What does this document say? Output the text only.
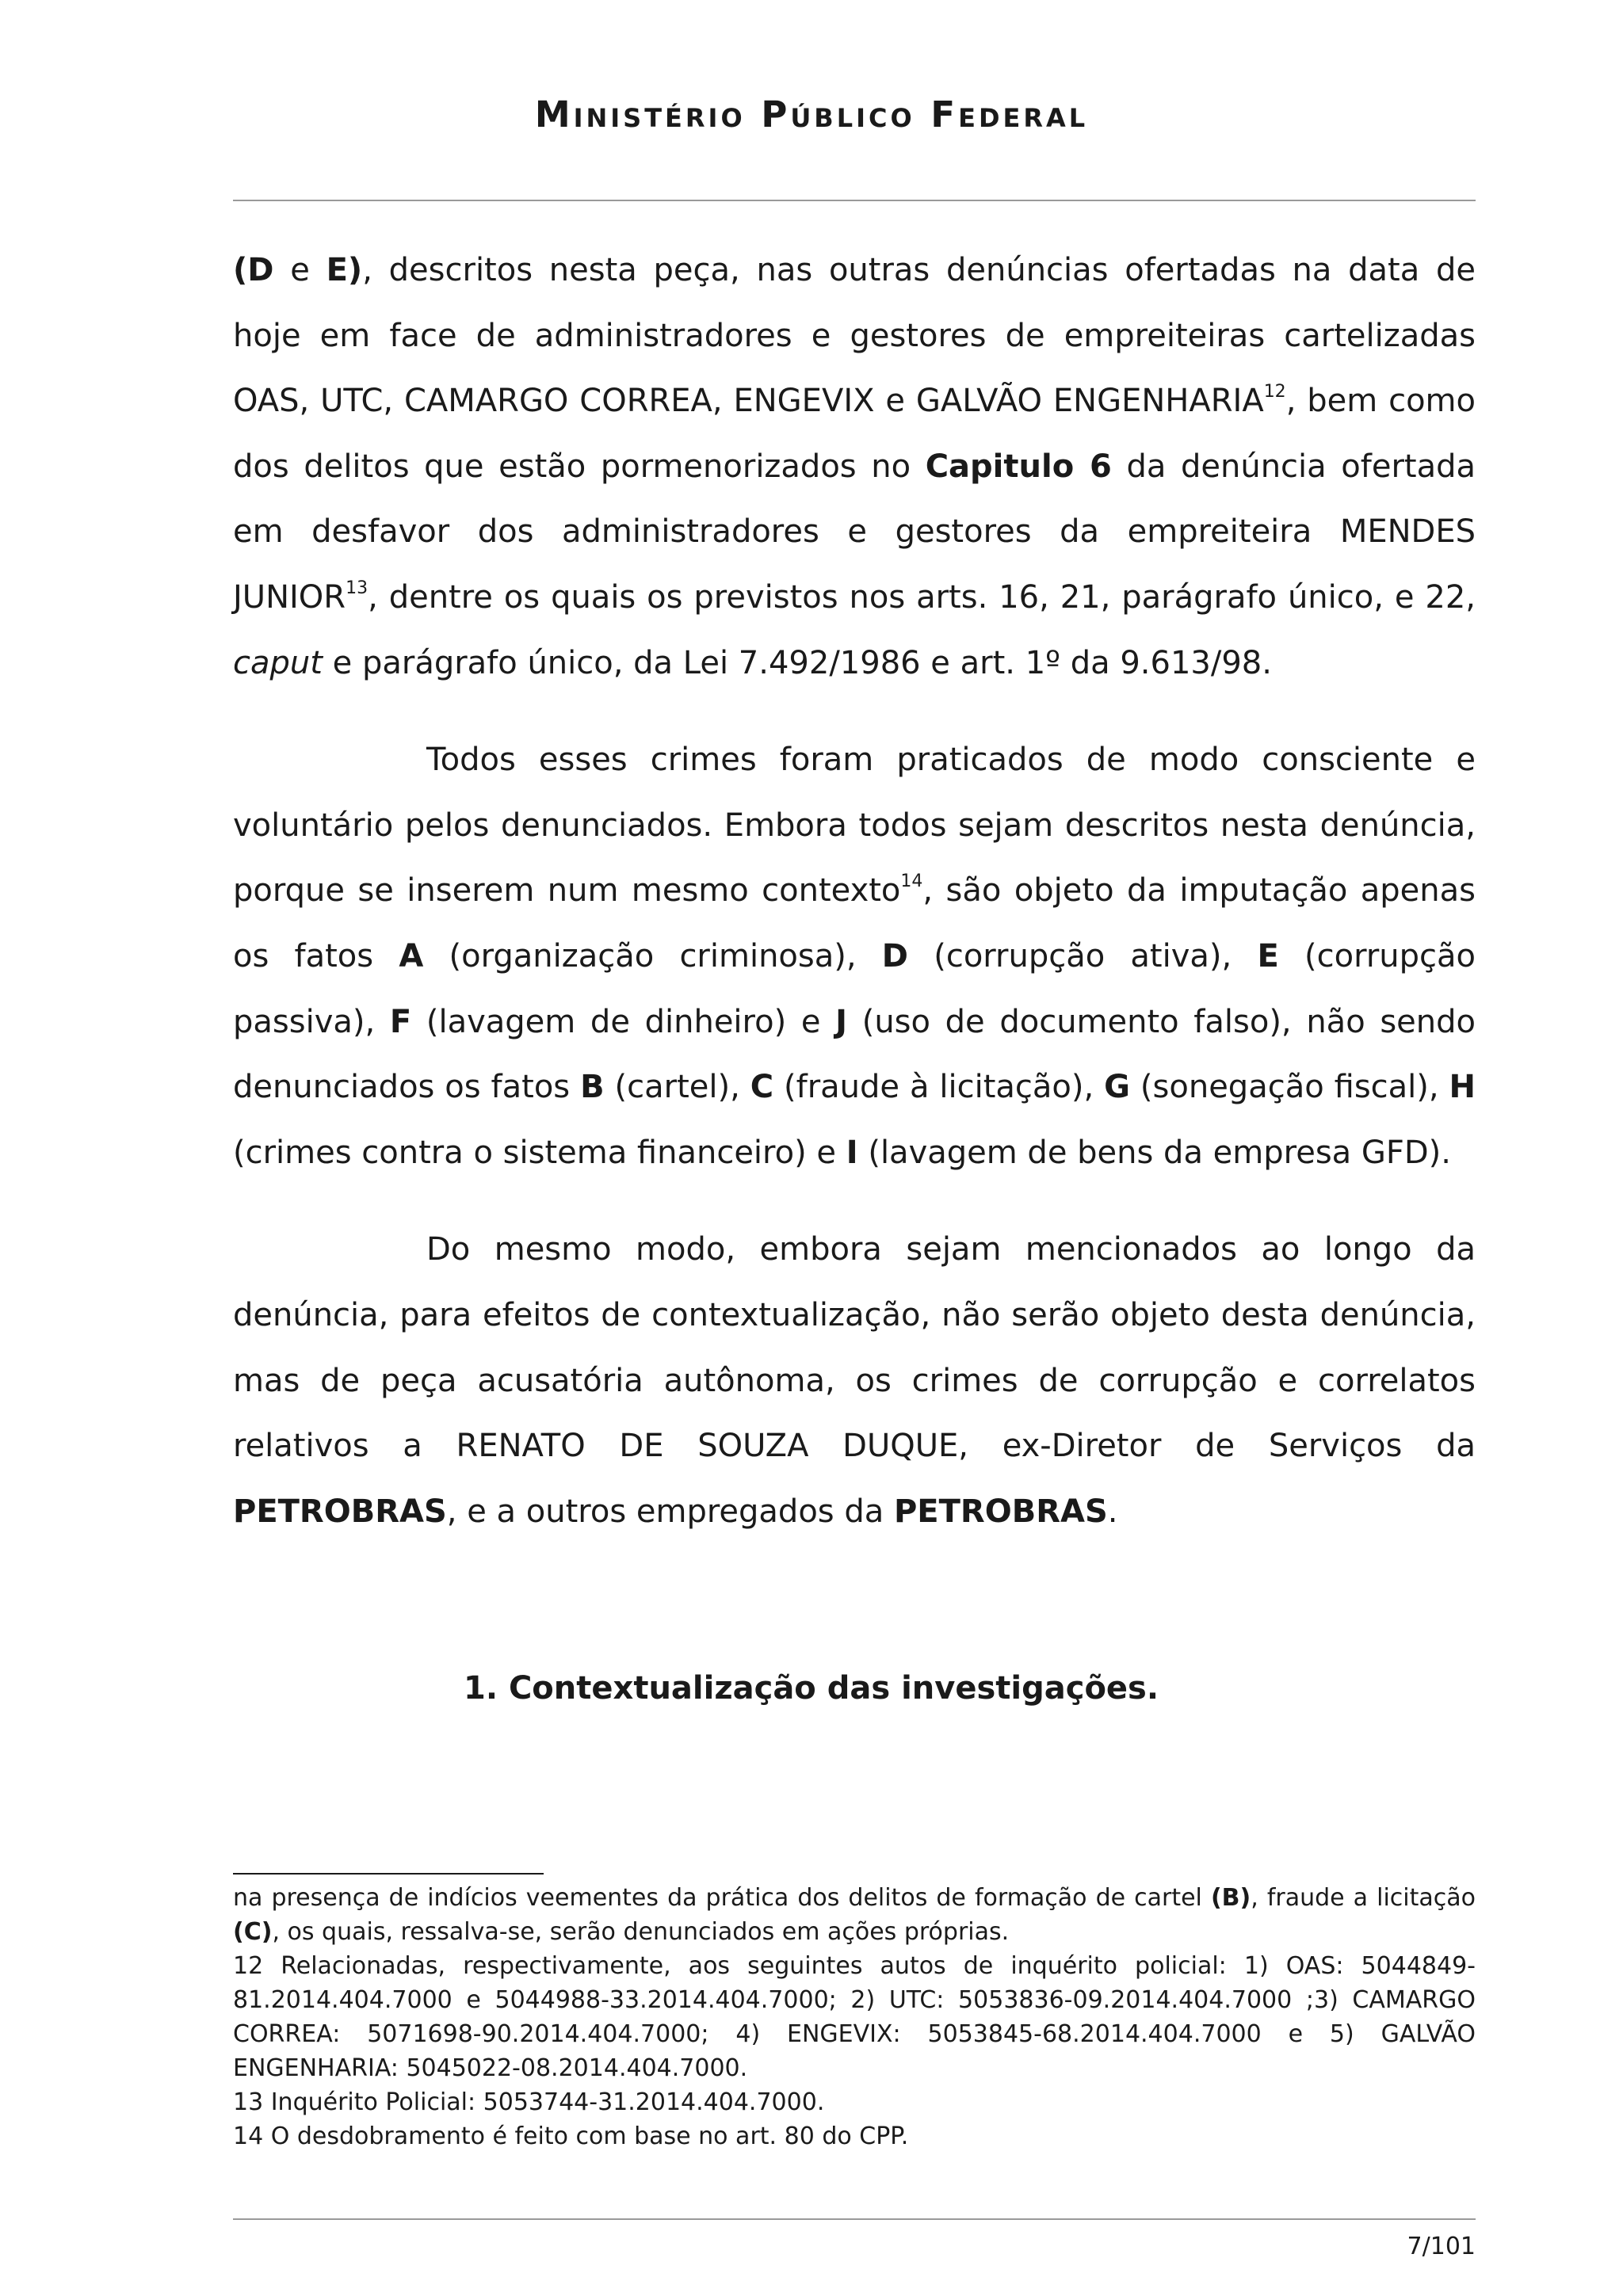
Ministério Público Federal

(D e E), descritos nesta peça, nas outras denúncias ofertadas na data de hoje em face de administradores e gestores de empreiteiras cartelizadas OAS, UTC, CAMARGO CORREA, ENGEVIX e GALVÃO ENGENHARIA$^{12}$, bem como dos delitos que estão pormenorizados no Capitulo 6 da denúncia ofertada em desfavor dos administradores e gestores da empreiteira MENDES JUNIOR$^{13}$, dentre os quais os previstos nos arts. 16, 21, parágrafo único, e 22, caput e parágrafo único, da Lei 7.492/1986 e art. 1º da 9.613/98.

Todos esses crimes foram praticados de modo consciente e voluntário pelos denunciados. Embora todos sejam descritos nesta denúncia, porque se inserem num mesmo contexto$^{14}$, são objeto da imputação apenas os fatos A (organização criminosa), D (corrupção ativa), E (corrupção passiva), F (lavagem de dinheiro) e J (uso de documento falso), não sendo denunciados os fatos B (cartel), C (fraude à licitação), G (sonegação fiscal), H (crimes contra o sistema financeiro) e I (lavagem de bens da empresa GFD).

Do mesmo modo, embora sejam mencionados ao longo da denúncia, para efeitos de contextualização, não serão objeto desta denúncia, mas de peça acusatória autônoma, os crimes de corrupção e correlatos relativos a RENATO DE SOUZA DUQUE, ex-Diretor de Serviços da PETROBRAS, e a outros empregados da PETROBRAS.

1. Contextualização das investigações.

na presença de indícios veementes da prática dos delitos de formação de cartel (B), fraude a licitação (C), os quais, ressalva-se, serão denunciados em ações próprias.

12 Relacionadas, respectivamente, aos seguintes autos de inquérito policial: 1) OAS: 5044849-81.2014.404.7000 e 5044988-33.2014.404.7000; 2) UTC: 5053836-09.2014.404.7000 ;3) CAMARGO CORREA: 5071698-90.2014.404.7000; 4) ENGEVIX: 5053845-68.2014.404.7000 e 5) GALVÃO ENGENHARIA: 5045022-08.2014.404.7000.

13 Inquérito Policial: 5053744-31.2014.404.7000.

14 O desdobramento é feito com base no art. 80 do CPP.

7/101
